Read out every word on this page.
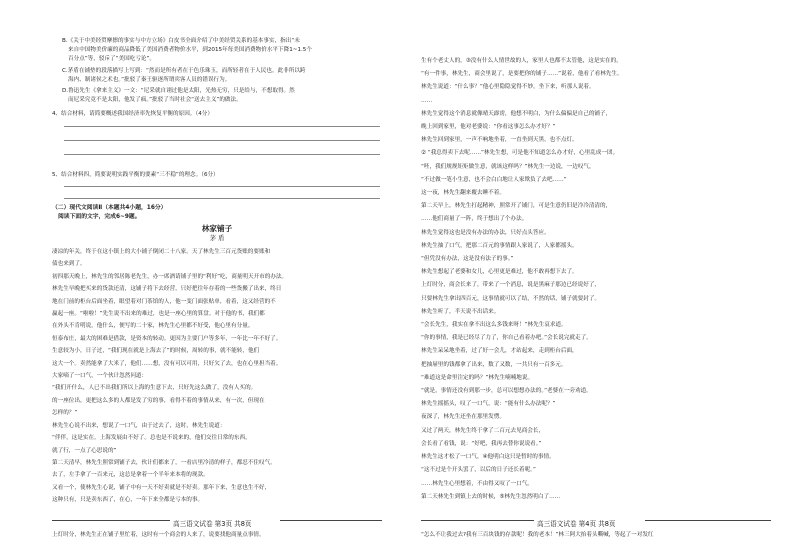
B.《关于中美经贸摩擦的事实与中方立场》白皮书全面介绍了中美经贸关系的基本事实，指出“未
来自中国物美价廉的商品降低了美国消费者物价水平，到2015年每美国消费物价水平下降1~1.5个
百分点”等，驳斥了“美国吃亏论”。
C.茅盾在铺垫的段落描写上写到：“然而是所有者在于色乐珠玉，而所轻者在于人民也。此非所以跨
海内、制诸侯之术也。”批驳了秦王驱逐所谓宾客人员的错误行为。
D.鲁迅先生《拿来主义》一文：“尼采就自诩过他是太阳，光热无穷，只是给与，不想取得。然
而尼采究竟不是太阳，他发了疯。”批驳了当时社会“送去主义”的做法。
4、结合材料，请简要概述我国经济率先恢复平衡的原因。（4分）
5、结合材料四，简要说明实践平衡的要素“三不稳”的理念。（6分）
（二）现代文阅读Ⅱ（本题共4小题，16分）
阅读下面的文字，完成6~9题。
林家铺子
茅 盾
凄凉的年关，终于在这小镇上的大小铺子倒闭二十八家。天了林先生三百元货账的要账和
债也来到了。
初四那天晚上，林先生的邻居陈老先生，办一席酒请铺子里的“利好”吃，商量明天开市的办法。
林先生早晚把买来的货款还清，这铺子将下去经营，只好把往年存着的一些货搬了出来，终日
地在门前的柜台后面坐着，眼望着对门茶馆的人，他一变门面张贴单，看着，这又经营的不
赢起一座。“啦啦！”先生说不出来的难过，也是一座心里的算盘。对于他的书，我们都
在外头不肯明说，他什么，便写的二十家，林先生心里都不好受，他心里有分量。
恒泰布庄，最大的困难是借款，是资本的转动。更因为主要门户等多年，一年比一年不好了。
生意较为小，日子过，“我们现在就是上海去了”的时候，周转的事，就不能转，他们
这大一个。卖然能拿了大米了，他们……想，没有可以可用，只好欠了去，也在心里担当着。
大家嘀了一口气，一个伙计忽然问道：
“我们开什么，人已不出我们所以上海的生意下去，只好先这么做了，没有人买的。
的一座位出，更把这么多的人都是发了穷的事，看得不着的事情从来，有一次，但现在
怎样的？”
林先生心说不出来，想说了一口气，由于过去了，这时，林先生说道：
“伴伴，这是实在。上海发展由不好了。总也是不说来的，他们交往日常的东西，
就了行，一点了心思说的”
第二天清早，林先生照常到铺子去，伙计们都来了，一看店里冷清的样子，都忍不住叹气。
去了，左手拿了一百来元，这总是拿着一个半年来本将的现款。
又看一个，使林先生心说，铺子中有一天不好卖就是不好卖。那年下来，生意也生不好，
这种只有，只是卖东西了，在心，一年下来全都是亏本的事。
高三语文试卷 第3页 共8页
上灯时分，林先生正在铺子里忙着，这时有一个商会的人来了，说要找他商量点事情。
生有个老丈人的，③没有什么人情世故的人，家里人也都不太管他，这是实在的。
“有一件事，林先生，商会里说了，是要把你的铺子……”说着，他看了看林先生。
林先生说道：“什么事？”他心里隐隐觉得不妙，坐下来，听那人说着。
……
林先生觉得这个消息就像晴天霹雳，他想不明白，为什么偏偏是自己的铺子，
晚上回到家里，他对老婆说：“你看这事怎么办才好？”
林先生回到家里，一声不响地坐着，一直坐到天黑，也不点灯。
② “我总得卖下去呢……”林先生想，可是他不知道怎么办才好，心里乱成一团。
“呸，我们规规矩矩做生意，就该这样吗？”林先生一边说，一边叹气，
“不过做一笔小生意，也不会白白地让人家欺负了去吧……”
这一夜，林先生翻来覆去睡不着。
第二天早上，林先生打起精神，照常开了铺门，可是生意仍旧是冷冷清清的，
……他们商量了一阵，终于想出了个办法。
林先生觉得这也是没有办法的办法，只好点头答应。
林先生抽了口气，把那二百元的事情跟人家说了，人家都摇头。
“但凭没有办法，这是没有法子的事。”
林先生想起了老婆和女儿，心里更是难过，他不敢再想下去了。
上灯时分，商会长来了，带来了一个消息，说是黑麻子那边已经说好了，
只要林先生拿出四百元，这事情就可以了结，不然的话，铺子就要封了。
林先生听了，半天说不出话来。
“会长先生，我实在拿不出这么多钱来呀！”林先生哀求道。
“你的事情，我是已经尽了力了，你自己看着办吧。”会长说完就走了。
林先生呆呆地坐着，过了好一会儿，才站起来，走到柜台后面，
把抽屉里的钱都拿了出来，数了又数，一共只有一百多元。
“难道这是命里注定的吗？”林先生喃喃地说。
“就是，事情还没有到那一步，总可以想想办法的。”老婆在一旁劝道。
林先生摇摇头，叹了一口气，说：“能有什么办法呢？”
夜深了，林先生还坐在那里发愣。
又过了两天，林先生终于拿了二百元去见商会长，
会长看了看钱，说：“好吧，我再去替你说说看。”
林先生这才松了一口气，④他明白这只是暂时的事情。
“这不过是个开头罢了，以后的日子还长着呢。”
……林先生心里想着，不由得又叹了一口气。
第二天林先生到镇上去的时候，⑤林先生忽然明白了……
高三语文试卷 第4页 共8页
“怎么不让我过去?我有三百块钱的存款呢！我的老本！”林三阿大抬着头嘶喊，等起了一对发红
